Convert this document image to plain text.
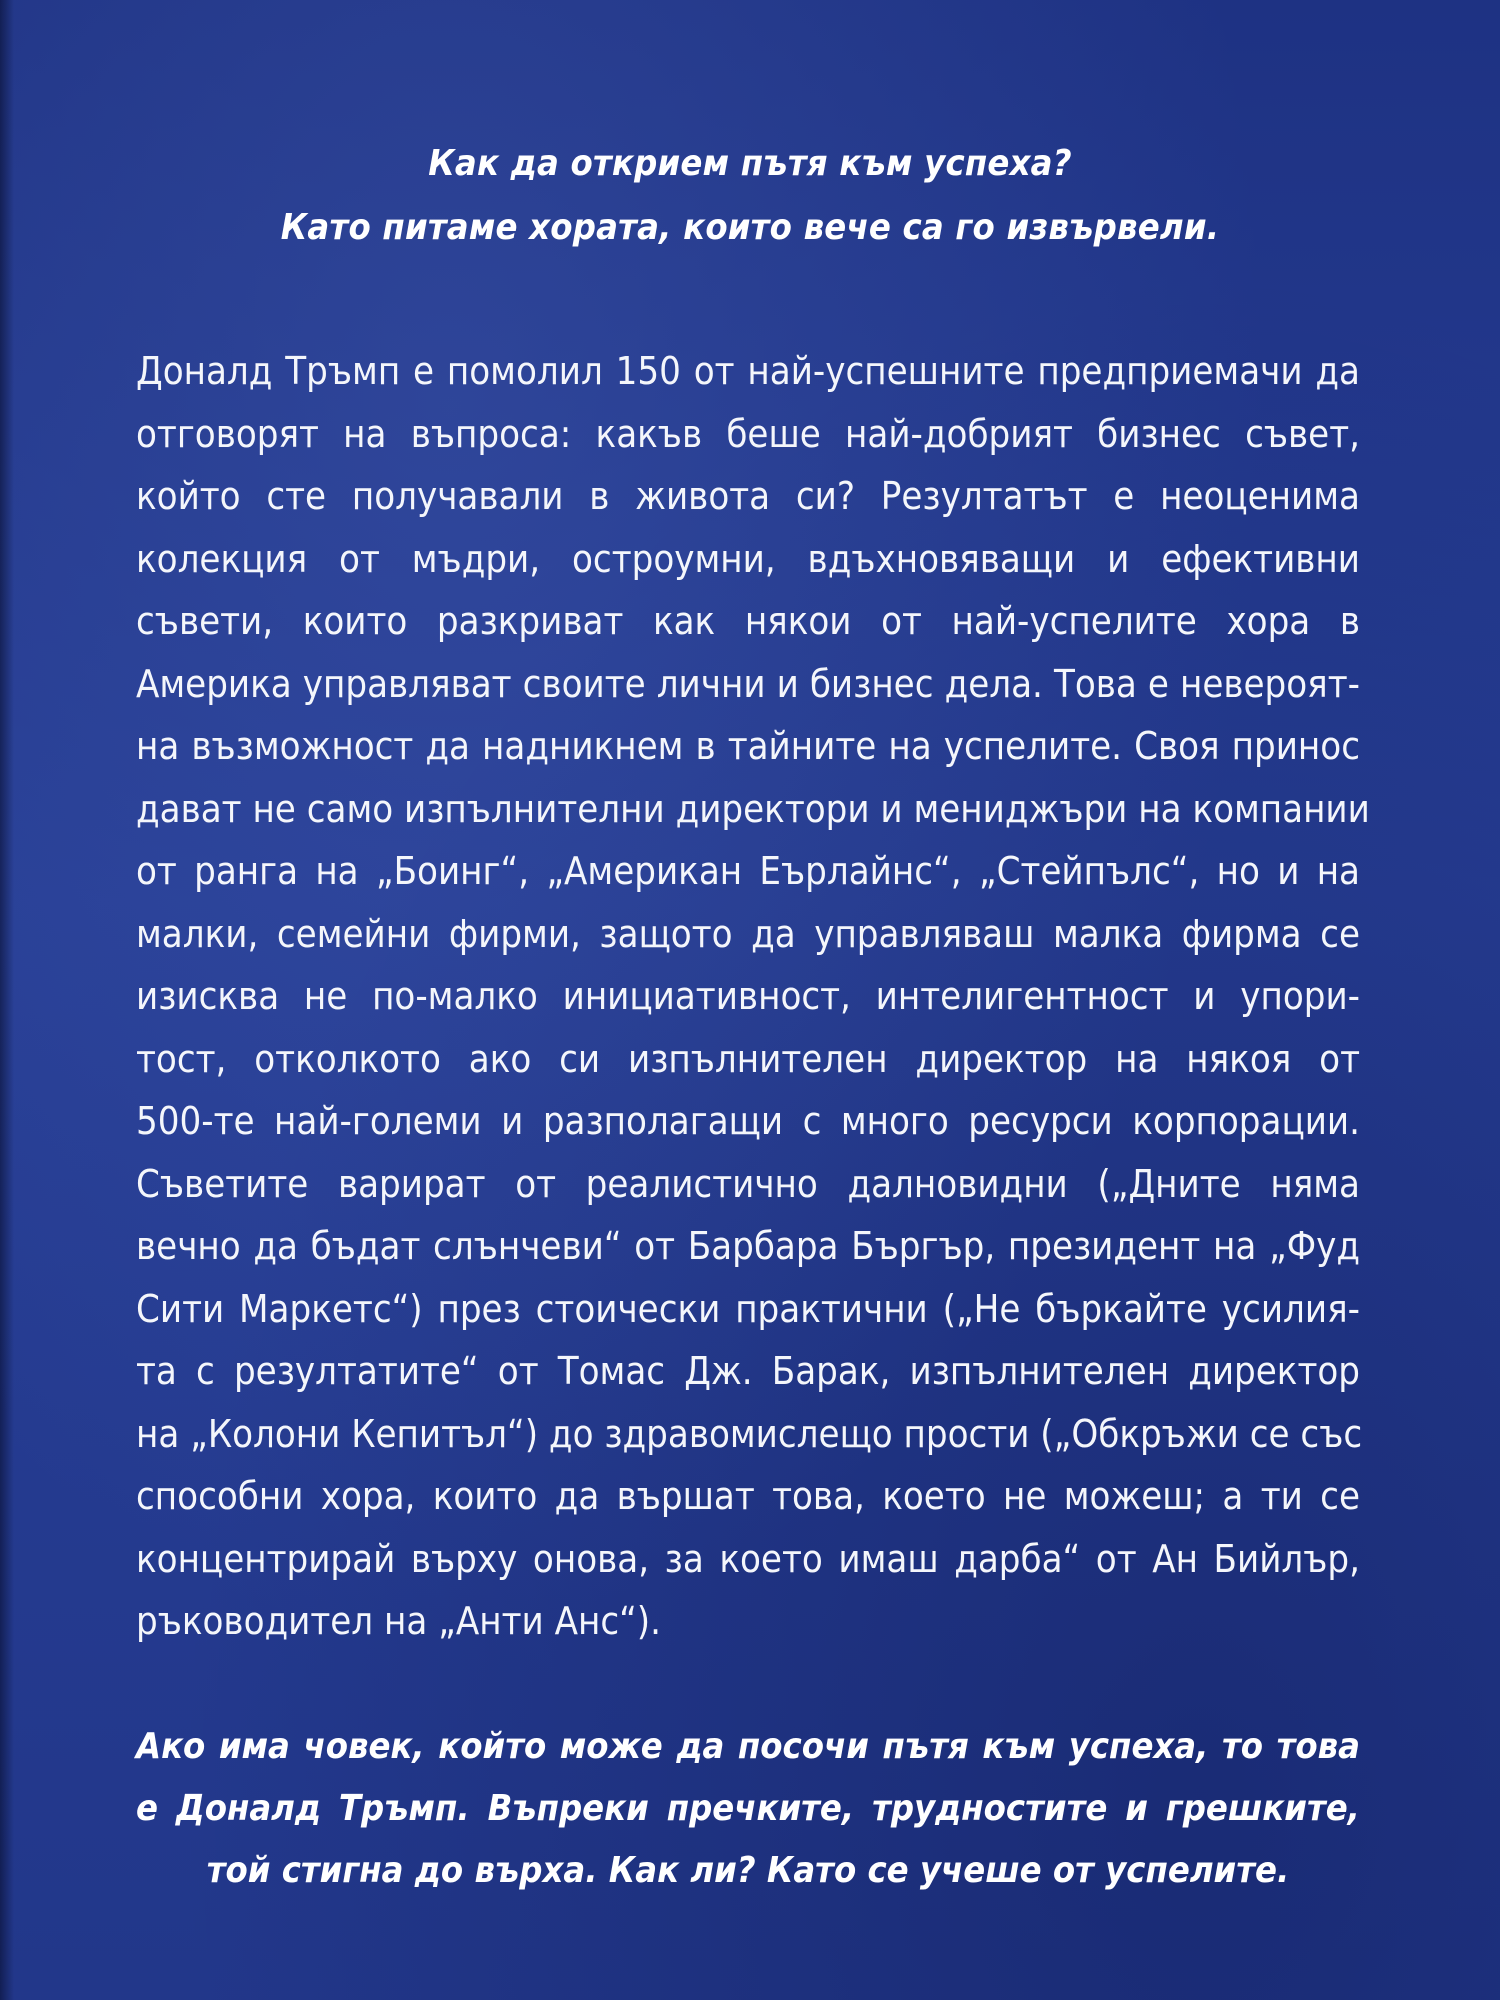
Как да открием пътя към успеха?
Като питаме хората, които вече са го извървели.
Доналд Тръмп е помолил 150 от най-успешните предприемачи да
отговорят на въпроса: какъв беше най-добрият бизнес съвет,
който сте получавали в живота си? Резултатът е неоценима
колекция от мъдри, остроумни, вдъхновяващи и ефективни
съвети, които разкриват как някои от най-успелите хора в
Америка управляват своите лични и бизнес дела. Това е невероят-
на възможност да надникнем в тайните на успелите. Своя принос
дават не само изпълнителни директори и мениджъри на компании
от ранга на „Боинг“, „Американ Еърлайнс“, „Стейпълс“, но и на
малки, семейни фирми, защото да управляваш малка фирма се
изисква не по-малко инициативност, интелигентност и упори-
тост, отколкото ако си изпълнителен директор на някоя от
500-те най-големи и разполагащи с много ресурси корпорации.
Съветите варират от реалистично далновидни („Дните няма
вечно да бъдат слънчеви“ от Барбара Бъргър, президент на „Фуд
Сити Маркетс“) през стоически практични („Не бъркайте усилия-
та с резултатите“ от Томас Дж. Барак, изпълнителен директор
на „Колони Кепитъл“) до здравомислещо прости („Обкръжи се със
способни хора, които да вършат това, което не можеш; а ти се
концентрирай върху онова, за което имаш дарба“ от Ан Бийлър,
ръководител на „Анти Анс“).
Ако има човек, който може да посочи пътя към успеха, то това
е Доналд Тръмп. Въпреки пречките, трудностите и грешките,
той стигна до върха. Как ли? Като се учеше от успелите.
